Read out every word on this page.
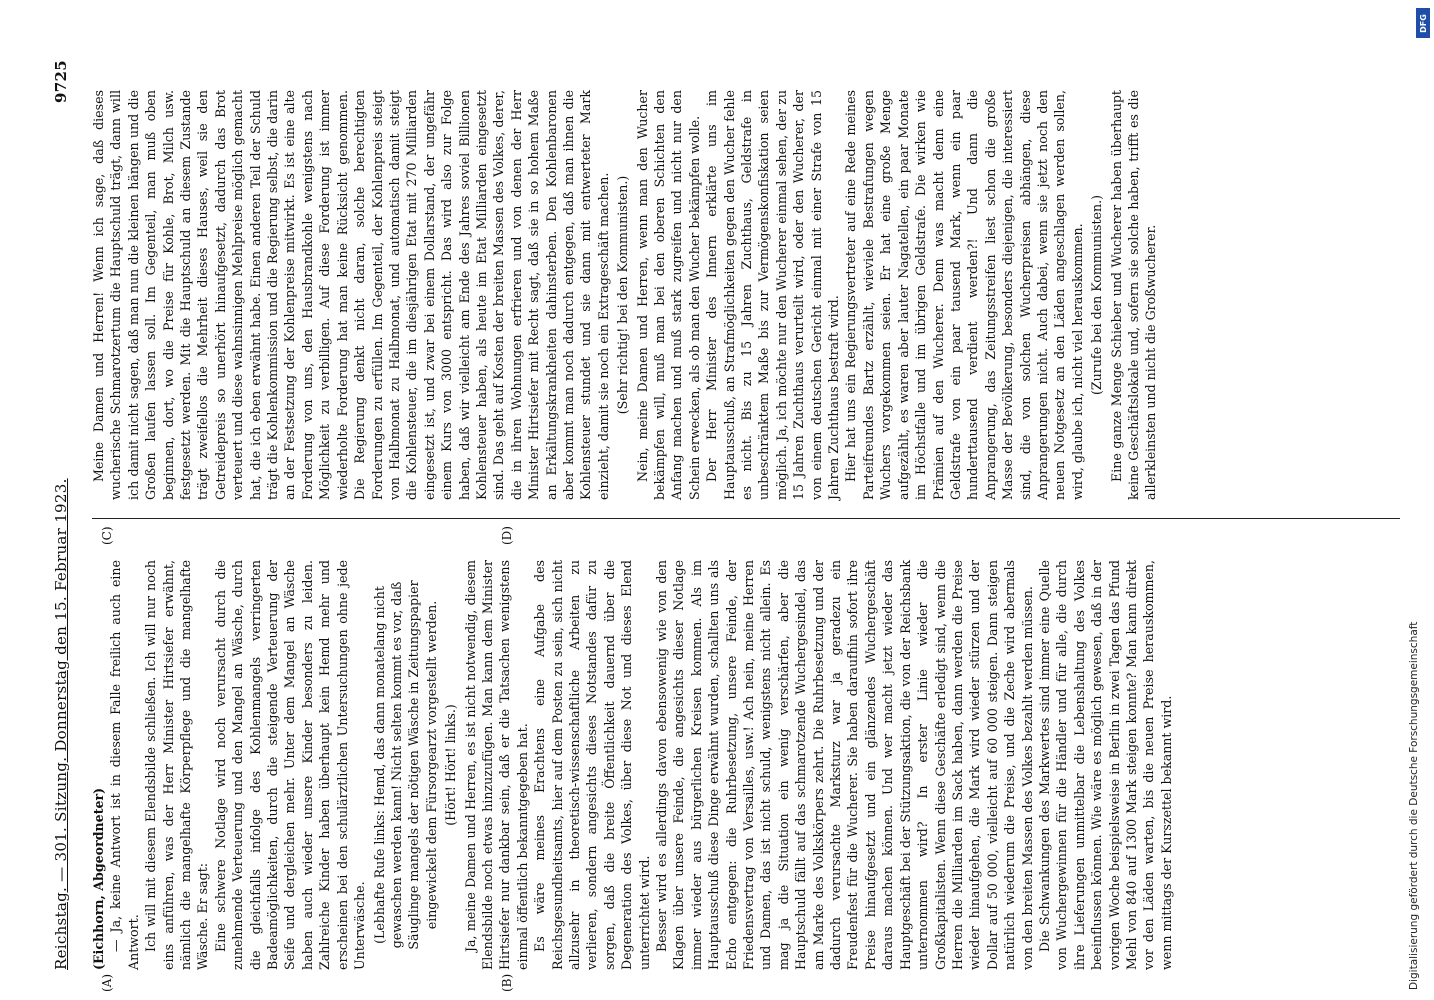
Reichstag. — 301. Sitzung. Donnerstag den 15. Februar 1923.
9725
(A)	(B)
(C)	(D)

(Eichhorn, Abgeordneter) — Ja, keine Antwort ist in diesem Falle freilich auch eine Antwort. Ich will mit diesem Elendsbilde schließen. Ich will nur noch eins anführen, was der Herr Minister Hirtsiefer erwähnt, nämlich die mangelhafte Körperpflege und die mangelhafte Wäsche. Er sagt: Eine schwere Notlage wird noch verursacht durch die zunehmende Verteuerung und den Mangel an Wäsche, durch die gleichfalls infolge des Kohlenmangels verringerten Badeamöglichkeiten, durch die steigende Verteuerung der Seife und dergleichen mehr. Unter dem Mangel an Wäsche haben auch wieder unsere Kinder besonders zu leiden. Zahlreiche Kinder haben überhaupt kein Hemd mehr und erscheinen bei den schulärztlichen Untersuchungen ohne jede Unterwäsche. (Lebhafte Rufe links: Hemd, das dann monatelang nicht gewaschen werden kann! Nicht selten kommt es vor, daß Säuglinge mangels der nötigen Wäsche in Zeitungspapier eingewickelt dem Fürsorgearzt vorgestellt werden. (Hört! Hört! links.) Ja, meine Damen und Herren, es ist nicht notwendig, diesem Elendsbilde noch etwas hinzuzufügen. Man kann dem Minister Hirtsiefer nur dankbar sein, daß er die Tatsachen wenigstens einmal öffentlich bekanntgegeben hat. Es wäre meines Erachtens eine Aufgabe des Reichsgesundheitsamts, hier auf dem Posten zu sein, sich nicht allzusehr in theoretisch-wissenschaftliche Arbeiten zu verlieren, sondern angesichts dieses Notstandes dafür zu sorgen, daß die breite Öffentlichkeit dauernd über die Degeneration des Volkes, über diese Not und dieses Elend unterrichtet wird. Besser wird es allerdings davon ebensowenig wie von den Klagen über unsere Feinde, die angesichts dieser Notlage immer wieder aus bürgerlichen Kreisen kommen. Als im Hauptausschuß diese Dinge erwähnt wurden, schallten uns als Echo entgegen: die Ruhrbesetzung, unsere Feinde, der Friedensvertrag von Versailles, usw.! Ach nein, meine Herren und Damen, das ist nicht schuld, wenigstens nicht allein. Es mag ja die Situation ein wenig verschärfen, aber die Hauptschuld fällt auf das schmarotzende Wuchergesindel, das am Marke des Volkskörpers zehrt. Die Ruhrbesetzung und der dadurch verursachte Marksturz war ja geradezu ein Freudenfest für die Wucherer. Sie haben daraufhin sofort ihre Preise hinaufgesetzt und ein glänzendes Wuchergeschäft daraus machen können. Und wer macht jetzt wieder das Hauptgeschäft bei der Stützungsaktion, die von der Reichsbank unternommen wird? In erster Linie wieder die Großkapitalisten. Wenn diese Geschäfte erledigt sind, wenn die Herren die Milliarden im Sack haben, dann werden die Preise wieder hinaufgehen, die Mark wird wieder stürzen und der Dollar auf 50 000, vielleicht auf 60 000 steigen. Dann steigen natürlich wiederum die Preise, und die Zeche wird abermals von den breiten Massen des Volkes bezahlt werden müssen. Die Schwankungen des Markwertes sind immer eine Quelle von Wuchergewinnen für die Händler und für alle, die durch ihre Lieferungen unmittelbar die Lebenshaltung des Volkes beeinflussen können. Wie wäre es möglich gewesen, daß in der vorigen Woche beispielsweise in Berlin in zwei Tagen das Pfund Mehl von 840 auf 1300 Mark steigen konnte? Man kann direkt vor den Läden warten, bis die neuen Preise herauskommen, wenn mittags der Kurszettel bekannt wird.

Meine Damen und Herren! Wenn ich sage, daß dieses wucherische Schmarotzertum die Hauptschuld trägt, dann will ich damit nicht sagen, daß man nun die kleinen hängen und die Großen laufen lassen soll. Im Gegenteil, man muß oben beginnen, dort, wo die Preise für Kohle, Brot, Milch usw. festgesetzt werden. Mit die Hauptschuld an diesem Zustande trägt zweifellos die Mehrheit dieses Hauses, weil sie den Getreidepreis so unerhört hinaufgesetzt, dadurch das Brot verteuert und diese wahnsinnigen Mehlpreise möglich gemacht hat, die ich eben erwähnt habe. Einen anderen Teil der Schuld trägt die Kohlenkommission und die Regierung selbst, die darin an der Festsetzung der Kohlenpreise mitwirkt. Es ist eine alte Forderung von uns, den Hausbrandkohle wenigstens nach Möglichkeit zu verbilligen. Auf diese Forderung ist immer wiederholte Forderung hat man keine Rücksicht genommen. Die Regierung denkt nicht daran, solche berechtigten Forderungen zu erfüllen. Im Gegenteil, der Kohlenpreis steigt von Halbmonat zu Halbmonat, und automatisch damit steigt die Kohlensteuer, die im diesjährigen Etat mit 270 Milliarden eingesetzt ist, und zwar bei einem Dollarstand, der ungefähr einem Kurs von 3000 entspricht. Das wird also zur Folge haben, daß wir vielleicht am Ende des Jahres soviel Billionen Kohlensteuer haben, als heute im Etat Milliarden eingesetzt sind. Das geht auf Kosten der breiten Massen des Volkes, derer, die in ihren Wohnungen erfrieren und von denen der Herr Minister Hirtsiefer mit Recht sagt, daß sie in so hohem Maße an Erkältungskrankheiten dahinsterben. Den Kohlenbaronen aber kommt man noch dadurch entgegen, daß man ihnen die Kohlensteuer stundet und sie dann mit entwerteter Mark einzieht, damit sie noch ein Extrageschäft machen. (Sehr richtig! bei den Kommunisten.) Nein, meine Damen und Herren, wenn man den Wucher bekämpfen will, muß man bei den oberen Schichten den Anfang machen und muß stark zugreifen und nicht nur den Schein erwecken, als ob man den Wucher bekämpfen wolle. Der Herr Minister des Innern erklärte uns im Hauptausschuß, an Strafmöglichkeiten gegen den Wucher fehle es nicht. Bis zu 15 Jahren Zuchthaus, Geldstrafe in unbeschränktem Maße bis zur Vermögenskonfiskation seien möglich. Ja, ich möchte nur den Wucherer einmal sehen, der zu 15 Jahren Zuchthaus verurteilt wird, oder den Wucherer, der von einem deutschen Gericht einmal mit einer Strafe von 15 Jahren Zuchthaus bestraft wird. Hier hat uns ein Regierungsvertreter auf eine Rede meines Parteifreundes Bartz erzählt, wieviele Bestrafungen wegen Wuchers vorgekommen seien. Er hat eine große Menge aufgezählt, es waren aber lauter Nagatellen, ein paar Monate im Höchstfalle und im übrigen Geldstrafe. Die wirken wie Prämien auf den Wucherer. Denn was macht denn eine Geldstrafe von ein paar tausend Mark, wenn ein paar hunderttausend verdient werden?! Und dann die Anprangerung, das Zeitungsstreifen liest schon die große Masse der Bevölkerung, besonders diejenigen, die interessiert sind, die von solchen Wucherpreisen abhängen, diese Anprangerungen nicht. Auch dabei, wenn sie jetzt noch den neuen Notgesetz an den Läden angeschlagen werden sollen, wird, glaube ich, nicht viel herauskommen. (Zurufe bei den Kommunisten.) Eine ganze Menge Schieber und Wucherer haben überhaupt keine Geschäftslokale und, sofern sie solche haben, trifft es die allerkleinsten und nicht die Großwucherer.

DFG
Digitalisierung gefördert durch die Deutsche Forschungsgemeinschaft
